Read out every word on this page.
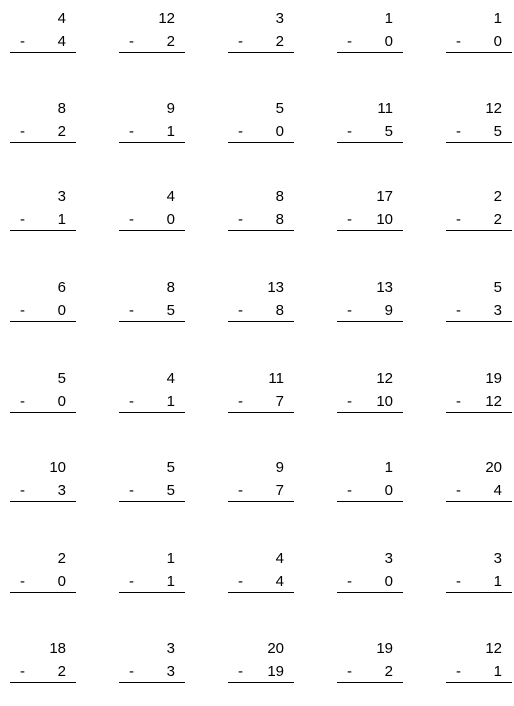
4
- 4
12
- 2
3
- 2
1
- 0
1
- 0
8
- 2
9
- 1
5
- 0
11
- 5
12
- 5
3
- 1
4
- 0
8
- 8
17
- 10
2
- 2
6
- 0
8
- 5
13
- 8
13
- 9
5
- 3
5
- 0
4
- 1
11
- 7
12
- 10
19
- 12
10
- 3
5
- 5
9
- 7
1
- 0
20
- 4
2
- 0
1
- 1
4
- 4
3
- 0
3
- 1
18
- 2
3
- 3
20
- 19
19
- 2
12
- 1
